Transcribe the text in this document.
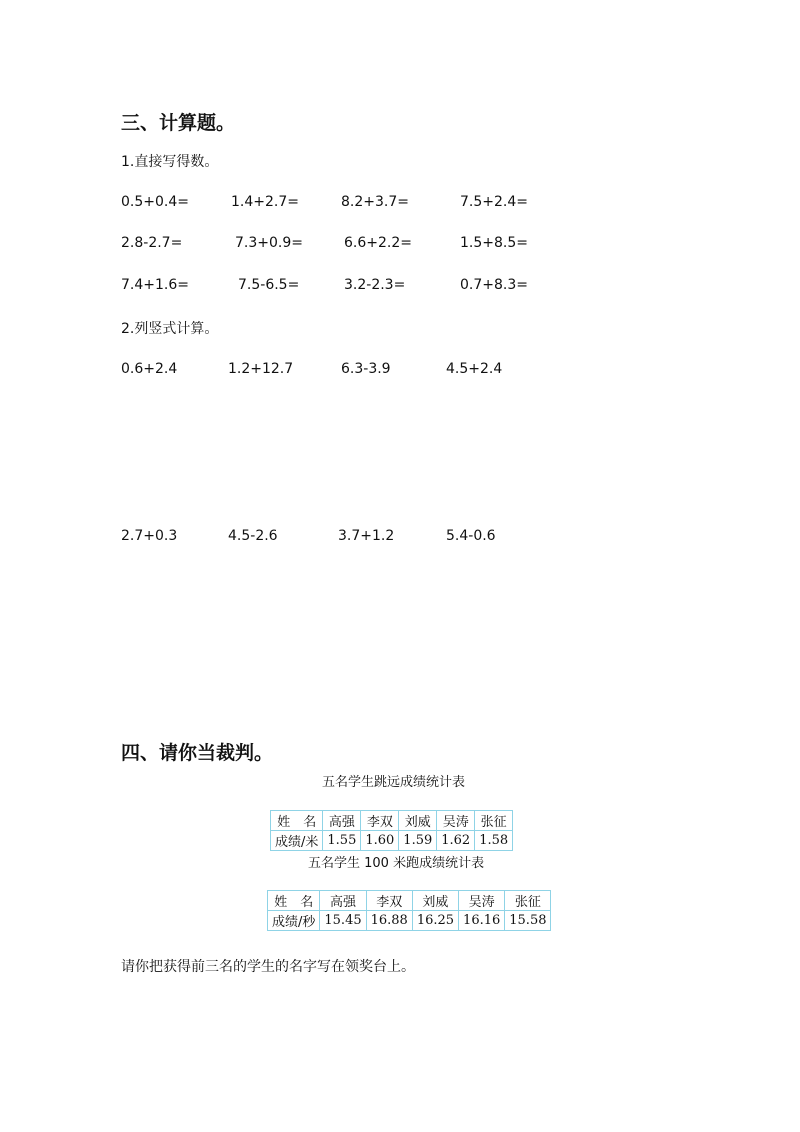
三、计算题。
1.直接写得数。
0.5+0.4=	1.4+2.7=	8.2+3.7=	7.5+2.4=
2.8-2.7=	7.3+0.9=	6.6+2.2=	1.5+8.5=
7.4+1.6=	7.5-6.5=	3.2-2.3=	0.7+8.3=
2.列竖式计算。
0.6+2.4	1.2+12.7	6.3-3.9	4.5+2.4
2.7+0.3	4.5-2.6	3.7+1.2	5.4-0.6
四、请你当裁判。
五名学生跳远成绩统计表
姓　名	高强	李双	刘威	吴涛	张征
成绩/米	1.55	1.60	1.59	1.62	1.58
五名学生 100 米跑成绩统计表
姓　名	高强	李双	刘威	吴涛	张征
成绩/秒	15.45	16.88	16.25	16.16	15.58
请你把获得前三名的学生的名字写在领奖台上。
